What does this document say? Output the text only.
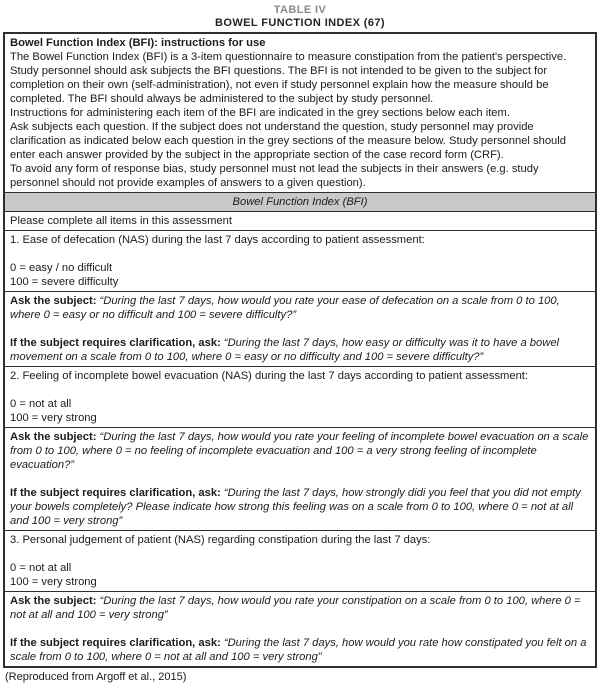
TABLE IV
BOWEL FUNCTION INDEX (67)
Bowel Function Index (BFI): instructions for use

The Bowel Function Index (BFI) is a 3-item questionnaire to measure constipation from the patient's perspective. Study personnel should ask subjects the BFI questions. The BFI is not intended to be given to the subject for completion on their own (self-administration), not even if study personnel explain how the measure should be completed. The BFI should always be administered to the subject by study personnel.

Instructions for administering each item of the BFI are indicated in the grey sections below each item.

Ask subjects each question. If the subject does not understand the question, study personnel may provide clarification as indicated below each question in the grey sections of the measure below. Study personnel should enter each answer provided by the subject in the appropriate section of the case record form (CRF).

To avoid any form of response bias, study personnel must not lead the subjects in their answers (e.g. study personnel should not provide examples of answers to a given question).

Bowel Function Index (BFI)
Please complete all items in this assessment

1. Ease of defecation (NAS) during the last 7 days according to patient assessment:

0 = easy / no difficult

100 = severe difficulty

Ask the subject: “During the last 7 days, how would you rate your ease of defecation on a scale from 0 to 100, where 0 = easy or no difficult and 100 = severe difficulty?”

If the subject requires clarification, ask: “During the last 7 days, how easy or difficulty was it to have a bowel movement on a scale from 0 to 100, where 0 = easy or no difficulty and 100 = severe difficulty?”

2. Feeling of incomplete bowel evacuation (NAS) during the last 7 days according to patient assessment:

0 = not at all

100 = very strong

Ask the subject: “During the last 7 days, how would you rate your feeling of incomplete bowel evacuation on a scale from 0 to 100, where 0 = no feeling of incomplete evacuation and 100 = a very strong feeling of incomplete evacuation?”

If the subject requires clarification, ask: “During the last 7 days, how strongly didi you feel that you did not empty your bowels completely? Please indicate how strong this feeling was on a scale from 0 to 100, where 0 = not at all and 100 = very strong”

3. Personal judgement of patient (NAS) regarding constipation during the last 7 days:

0 = not at all

100 = very strong

Ask the subject: “During the last 7 days, how would you rate your constipation on a scale from 0 to 100, where 0 = not at all and 100 = very strong”

If the subject requires clarification, ask: “During the last 7 days, how would you rate how constipated you felt on a scale from 0 to 100, where 0 = not at all and 100 = very strong”

(Reproduced from Argoff et al., 2015)
